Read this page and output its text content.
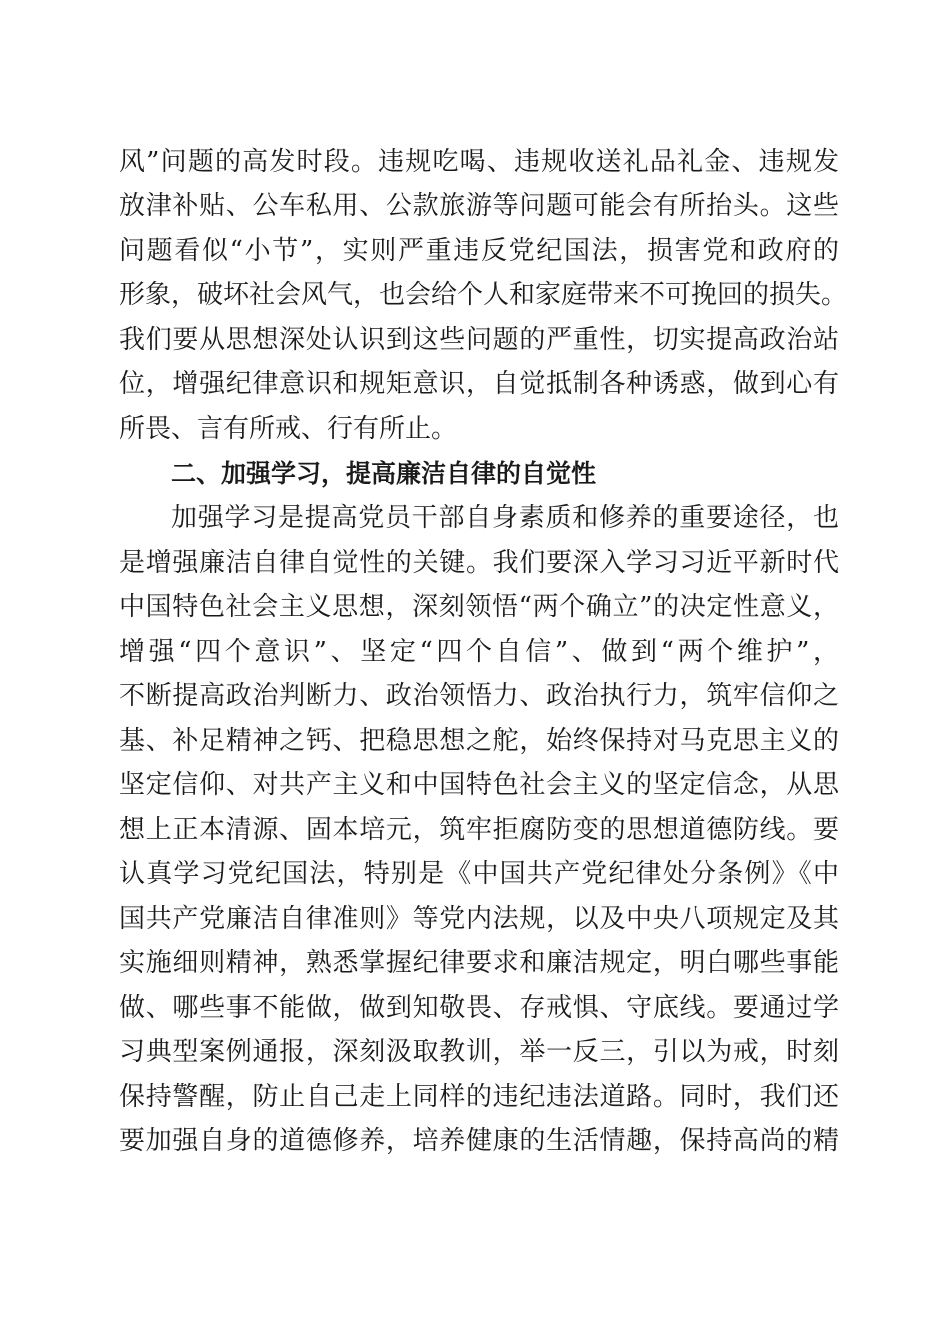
风”问题的高发时段。违规吃喝、违规收送礼品礼金、违规发
放津补贴、公车私用、公款旅游等问题可能会有所抬头。这些
问题看似“小节”，实则严重违反党纪国法，损害党和政府的
形象，破坏社会风气，也会给个人和家庭带来不可挽回的损失。
我们要从思想深处认识到这些问题的严重性，切实提高政治站
位，增强纪律意识和规矩意识，自觉抵制各种诱惑，做到心有
所畏、言有所戒、行有所止。
二、加强学习，提高廉洁自律的自觉性
加强学习是提高党员干部自身素质和修养的重要途径，也
是增强廉洁自律自觉性的关键。我们要深入学习习近平新时代
中国特色社会主义思想，深刻领悟“两个确立”的决定性意义，
增强“四个意识”、坚定“四个自信”、做到“两个维护”，
不断提高政治判断力、政治领悟力、政治执行力，筑牢信仰之
基、补足精神之钙、把稳思想之舵，始终保持对马克思主义的
坚定信仰、对共产主义和中国特色社会主义的坚定信念，从思
想上正本清源、固本培元，筑牢拒腐防变的思想道德防线。要
认真学习党纪国法，特别是《中国共产党纪律处分条例》《中
国共产党廉洁自律准则》等党内法规，以及中央八项规定及其
实施细则精神，熟悉掌握纪律要求和廉洁规定，明白哪些事能
做、哪些事不能做，做到知敬畏、存戒惧、守底线。要通过学
习典型案例通报，深刻汲取教训，举一反三，引以为戒，时刻
保持警醒，防止自己走上同样的违纪违法道路。同时，我们还
要加强自身的道德修养，培养健康的生活情趣，保持高尚的精
